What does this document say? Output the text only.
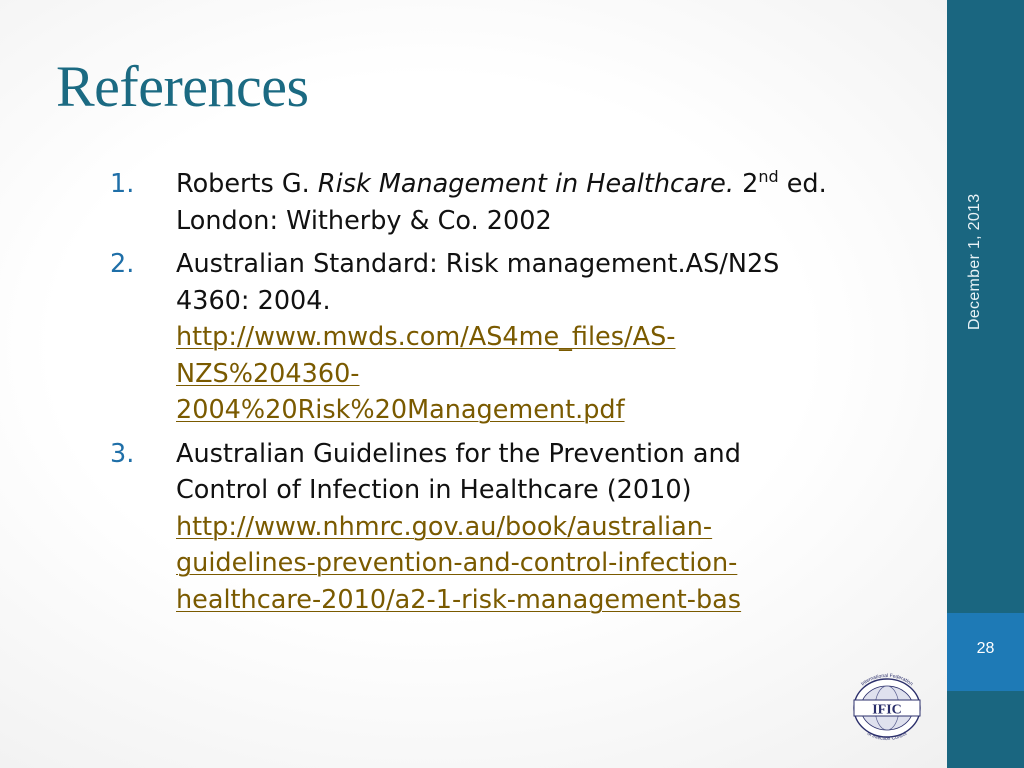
References
1. Roberts G. Risk Management in Healthcare. 2nd ed. London: Witherby & Co. 2002
2. Australian Standard: Risk management.AS/N2S 4360: 2004.
http://www.mwds.com/AS4me_files/AS-
NZS%204360-
2004%20Risk%20Management.pdf
3. Australian Guidelines for the Prevention and Control of Infection in Healthcare (2010)
http://www.nhmrc.gov.au/book/australian-
guidelines-prevention-and-control-infection-
healthcare-2010/a2-1-risk-management-bas
December 1, 2013
28
IFIC
International Federation
of Infection Control
